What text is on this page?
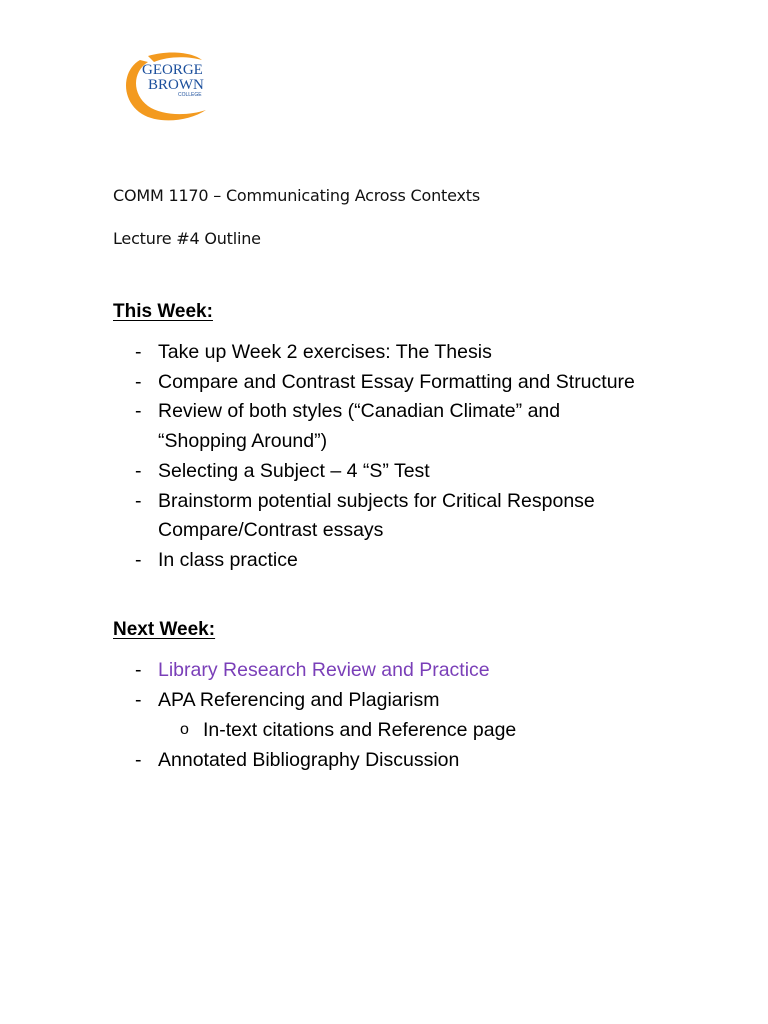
GEORGE
BROWN
COLLEGE
COMM 1170 – Communicating Across Contexts
Lecture #4 Outline
This Week:
- Take up Week 2 exercises: The Thesis
- Compare and Contrast Essay Formatting and Structure
- Review of both styles (“Canadian Climate” and
“Shopping Around”)
- Selecting a Subject – 4 “S” Test
- Brainstorm potential subjects for Critical Response
Compare/Contrast essays
- In class practice
Next Week:
- Library Research Review and Practice
- APA Referencing and Plagiarism
o In-text citations and Reference page
- Annotated Bibliography Discussion
